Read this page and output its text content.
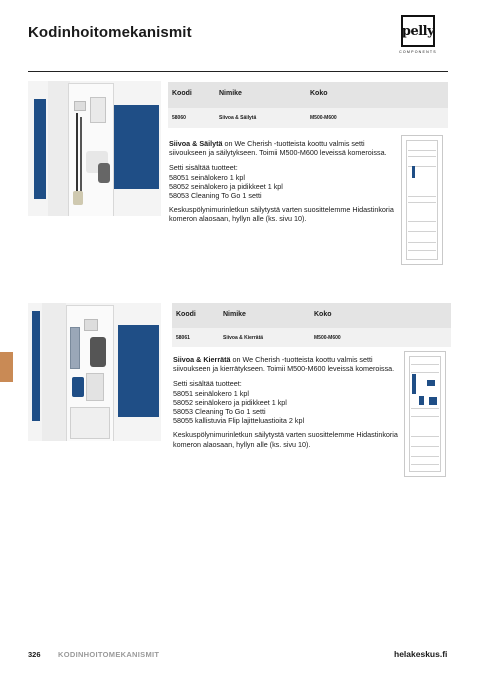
Kodinhoitomekanismit	pelly
COMPONENTS
Koodi	Nimike	Koko
58060	Siivoa & Säilytä	M500-M600

Siivoa & Säilytä on We Cherish -tuotteista koottu valmis setti siivoukseen ja säilytykseen. Toimii M500-M600 leveissä komeroissa.

Setti sisältää tuotteet:
58051 seinälokero 1 kpl
58052 seinälokero ja pidikkeet 1 kpl
58053 Cleaning To Go 1 setti

Keskuspölynimurinletkun säilytystä varten suosittelemme Hidastinkoria komeron alaosaan, hyllyn alle (ks. sivu 10).

Koodi	Nimike	Koko
58061	Siivoa & Kierrätä	M500-M600

Siivoa & Kierrätä on We Cherish -tuotteista koottu valmis setti siivoukseen ja kierrätykseen. Toimii M500-M600 leveissä komeroissa.

Setti sisältää tuotteet:
58051 seinälokero 1 kpl
58052 seinälokero ja pidikkeet 1 kpl
58053 Cleaning To Go 1 setti
58055 kallistuvia Flip lajitteluastioita 2 kpl

Keskuspölynimurinletkun säilytystä varten suosittelemme Hidastinkoria komeron alaosaan, hyllyn alle (ks. sivu 10).

326 KODINHOITOMEKANISMIT	helakeskus.fi
